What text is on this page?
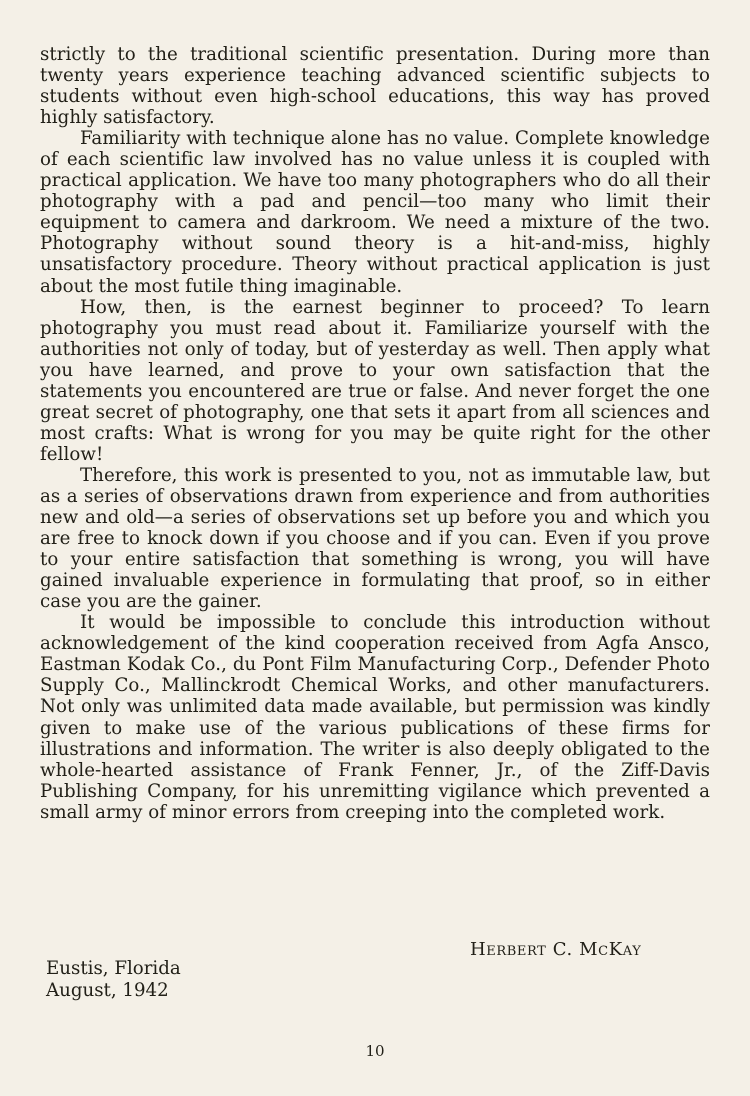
strictly to the traditional scientific presentation. During more than twenty years experience teaching advanced scientific subjects to students without even high-school educations, this way has proved highly satisfactory.

Familiarity with technique alone has no value. Complete knowledge of each scientific law involved has no value unless it is coupled with practical application. We have too many photographers who do all their photography with a pad and pencil—too many who limit their equipment to camera and darkroom. We need a mixture of the two. Photography without sound theory is a hit-and-miss, highly unsatisfactory procedure. Theory without practical application is just about the most futile thing imaginable.

How, then, is the earnest beginner to proceed? To learn photography you must read about it. Familiarize yourself with the authorities not only of today, but of yesterday as well. Then apply what you have learned, and prove to your own satisfaction that the statements you encountered are true or false. And never forget the one great secret of photography, one that sets it apart from all sciences and most crafts: What is wrong for you may be quite right for the other fellow!

Therefore, this work is presented to you, not as immutable law, but as a series of observations drawn from experience and from authorities new and old—a series of observations set up before you and which you are free to knock down if you choose and if you can. Even if you prove to your entire satisfaction that something is wrong, you will have gained invaluable experience in formulating that proof, so in either case you are the gainer.

It would be impossible to conclude this introduction without acknowledgement of the kind cooperation received from Agfa Ansco, Eastman Kodak Co., du Pont Film Manufacturing Corp., Defender Photo Supply Co., Mallinckrodt Chemical Works, and other manufacturers. Not only was unlimited data made available, but permission was kindly given to make use of the various publications of these firms for illustrations and information. The writer is also deeply obligated to the whole-hearted assistance of Frank Fenner, Jr., of the Ziff-Davis Publishing Company, for his unremitting vigilance which prevented a small army of minor errors from creeping into the completed work.

Herbert C. McKay
Eustis, Florida
August, 1942
10
